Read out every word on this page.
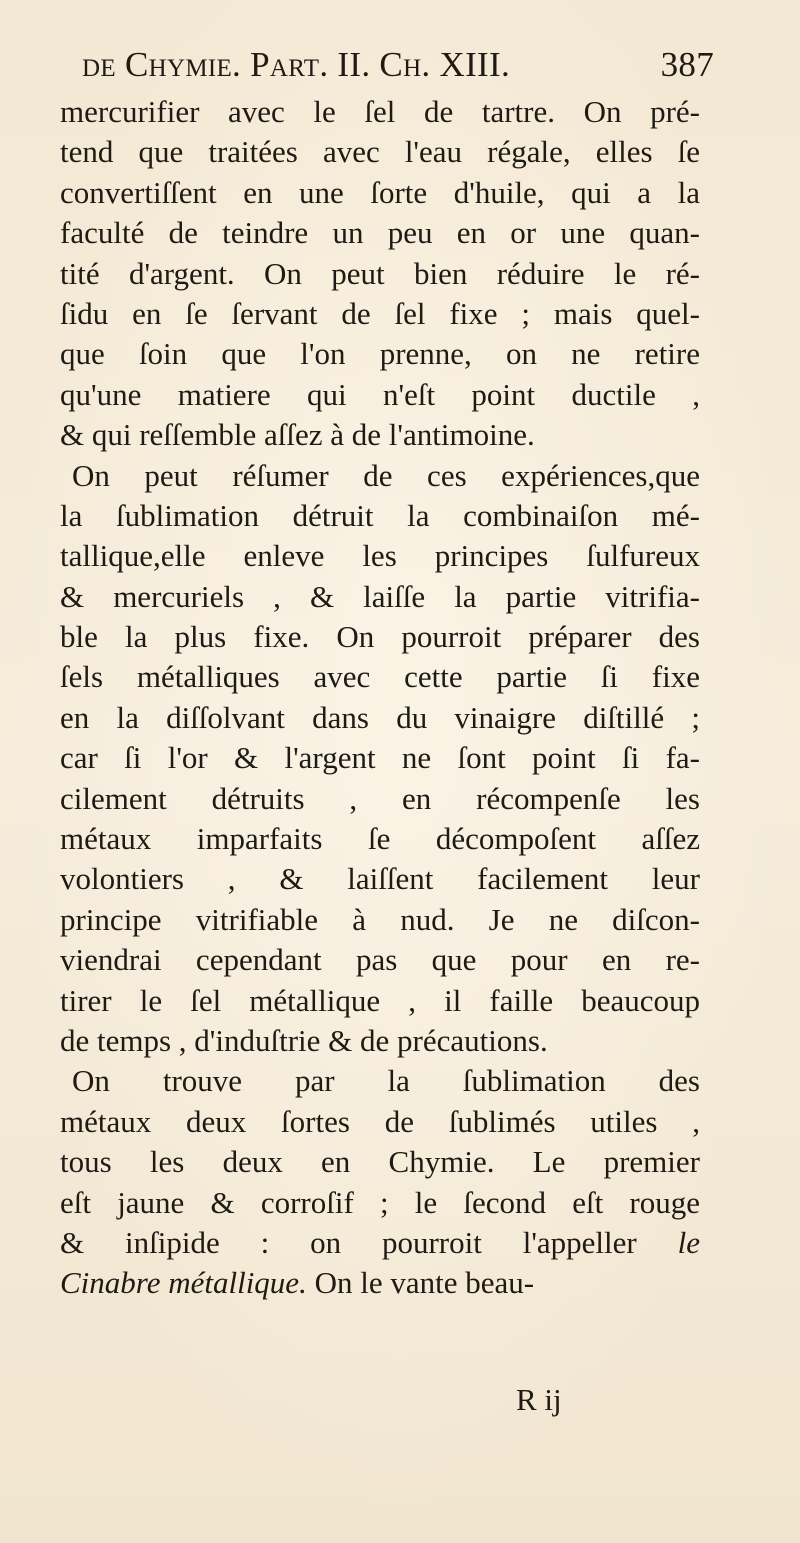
de Chymie. Part. II. Ch. XIII.	387
mercurifier avec le ſel de tartre. On pré-
tend que traitées avec l'eau régale, elles ſe
convertiſſent en une ſorte d'huile, qui a la
faculté de teindre un peu en or une quan-
tité d'argent. On peut bien réduire le ré-
ſidu en ſe ſervant de ſel fixe ; mais quel-
que ſoin que l'on prenne, on ne retire
qu'une matiere qui n'eſt point ductile ,
& qui reſſemble aſſez à de l'antimoine.
On peut réſumer de ces expériences,que
la ſublimation détruit la combinaiſon mé-
tallique,elle enleve les principes ſulfureux
& mercuriels , & laiſſe la partie vitrifia-
ble la plus fixe. On pourroit préparer des
ſels métalliques avec cette partie ſi fixe
en la diſſolvant dans du vinaigre diſtillé ;
car ſi l'or & l'argent ne ſont point ſi fa-
cilement détruits , en récompenſe les
métaux imparfaits ſe décompoſent aſſez
volontiers , & laiſſent facilement leur
principe vitrifiable à nud. Je ne diſcon-
viendrai cependant pas que pour en re-
tirer le ſel métallique , il faille beaucoup
de temps , d'induſtrie & de précautions.
On trouve par la ſublimation des
métaux deux ſortes de ſublimés utiles ,
tous les deux en Chymie. Le premier
eſt jaune & corroſif ; le ſecond eſt rouge
& inſipide : on pourroit l'appeller le
Cinabre métallique. On le vante beau-
R ij
